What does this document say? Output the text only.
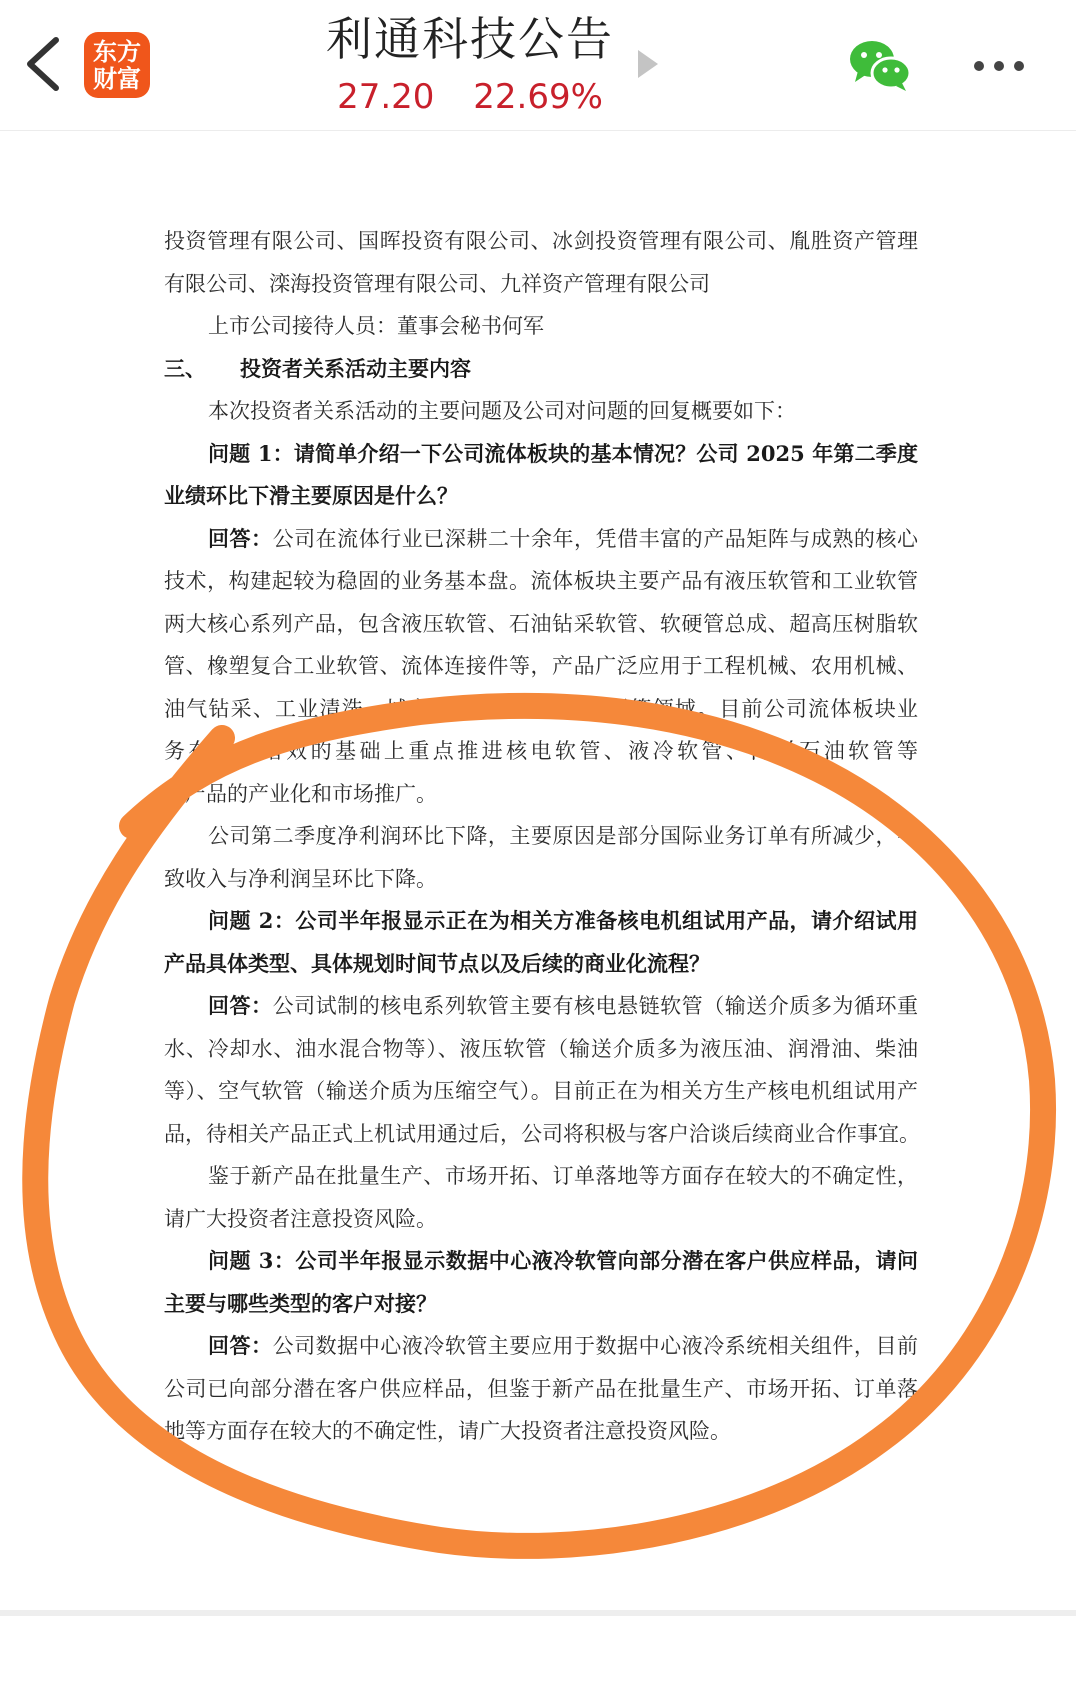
东方
财富
利通科技公告
27.20 22.69%
投资管理有限公司、国晖投资有限公司、冰剑投资管理有限公司、胤胜资产管理
有限公司、滦海投资管理有限公司、九祥资产管理有限公司
上市公司接待人员：董事会秘书何军
三、	投资者关系活动主要内容
本次投资者关系活动的主要问题及公司对问题的回复概要如下：
问题 1：请简单介绍一下公司流体板块的基本情况？公司 2025 年第二季度
业绩环比下滑主要原因是什么？
回答：公司在流体行业已深耕二十余年，凭借丰富的产品矩阵与成熟的核心
技术，构建起较为稳固的业务基本盘。流体板块主要产品有液压软管和工业软管
两大核心系列产品，包含液压软管、石油钻采软管、软硬管总成、超高压树脂软
管、橡塑复合工业软管、流体连接件等，产品广泛应用于工程机械、农用机械、
油气钻采、工业清洗、城市建设开发、轨道交通等领域。目前公司流体板块业
务在提质增效的基础上重点推进核电软管、液冷软管、海洋石油软管等
新产品的产业化和市场推广。
公司第二季度净利润环比下降，主要原因是部分国际业务订单有所减少，导
致收入与净利润呈环比下降。
问题 2：公司半年报显示正在为相关方准备核电机组试用产品，请介绍试用
产品具体类型、具体规划时间节点以及后续的商业化流程？
回答：公司试制的核电系列软管主要有核电悬链软管（输送介质多为循环重
水、冷却水、油水混合物等）、液压软管（输送介质多为液压油、润滑油、柴油
等）、空气软管（输送介质为压缩空气）。目前正在为相关方生产核电机组试用产
品，待相关产品正式上机试用通过后，公司将积极与客户洽谈后续商业合作事宜。
鉴于新产品在批量生产、市场开拓、订单落地等方面存在较大的不确定性，
请广大投资者注意投资风险。
问题 3：公司半年报显示数据中心液冷软管向部分潜在客户供应样品，请问
主要与哪些类型的客户对接？
回答：公司数据中心液冷软管主要应用于数据中心液冷系统相关组件，目前
公司已向部分潜在客户供应样品，但鉴于新产品在批量生产、市场开拓、订单落
地等方面存在较大的不确定性，请广大投资者注意投资风险。
